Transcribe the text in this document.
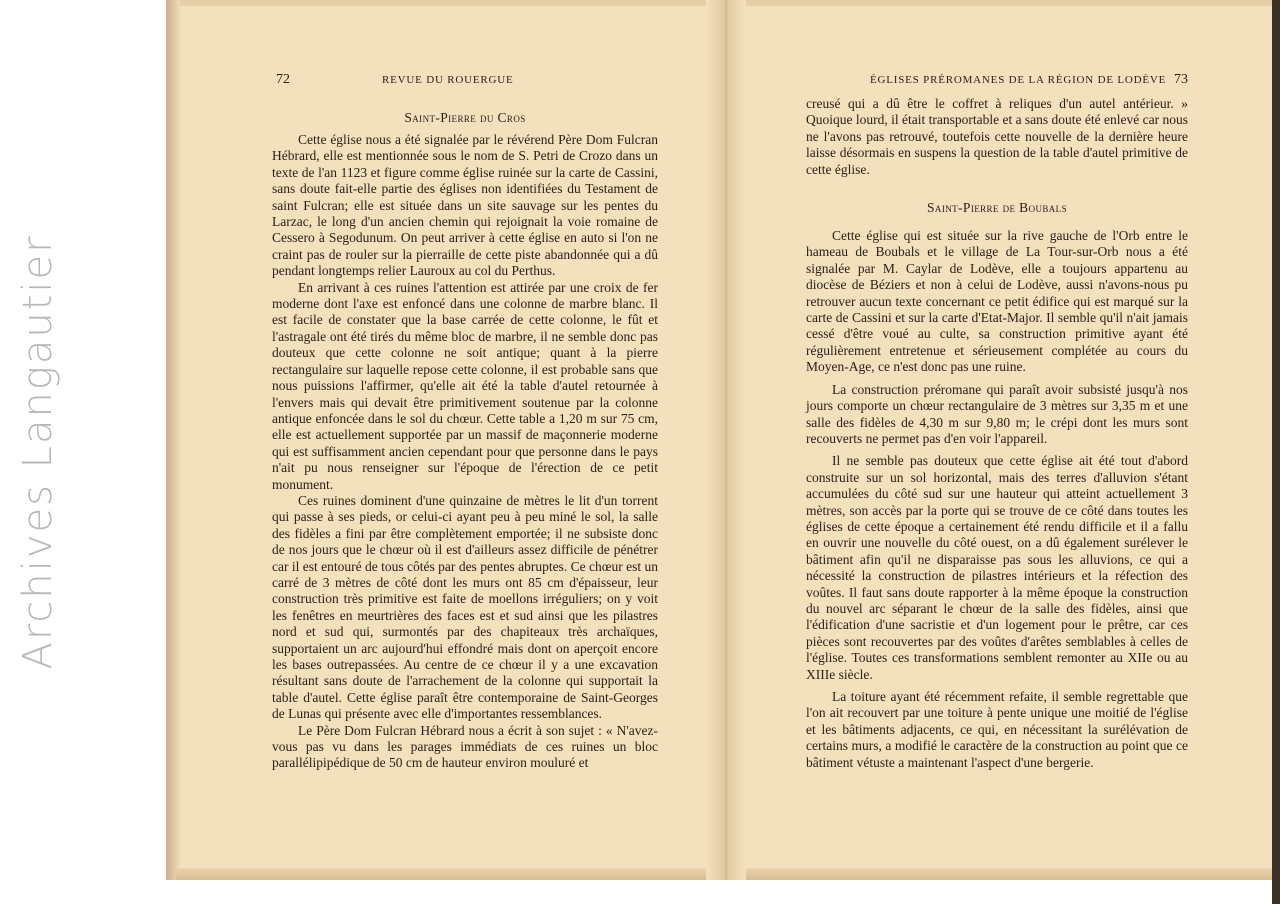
Archives Langautier
72	REVUE DU ROUERGUE
Saint-Pierre du Cros

Cette église nous a été signalée par le révérend Père Dom Fulcran Hébrard, elle est mentionnée sous le nom de S. Petri de Crozo dans un texte de l'an 1123 et figure comme église ruinée sur la carte de Cassini, sans doute fait-elle partie des églises non identifiées du Testament de saint Fulcran; elle est située dans un site sauvage sur les pentes du Larzac, le long d'un ancien chemin qui rejoignait la voie romaine de Cessero à Segodunum. On peut arriver à cette église en auto si l'on ne craint pas de rouler sur la pierraille de cette piste abandonnée qui a dû pendant longtemps relier Lauroux au col du Perthus.

En arrivant à ces ruines l'attention est attirée par une croix de fer moderne dont l'axe est enfoncé dans une colonne de marbre blanc. Il est facile de constater que la base carrée de cette colonne, le fût et l'astragale ont été tirés du même bloc de marbre, il ne semble donc pas douteux que cette colonne ne soit antique; quant à la pierre rectangulaire sur laquelle repose cette colonne, il est probable sans que nous puissions l'affirmer, qu'elle ait été la table d'autel retournée à l'envers mais qui devait être primitivement soutenue par la colonne antique enfoncée dans le sol du chœur. Cette table a 1,20 m sur 75 cm, elle est actuellement supportée par un massif de maçonnerie moderne qui est suffisamment ancien cependant pour que personne dans le pays n'ait pu nous renseigner sur l'époque de l'érection de ce petit monument.

Ces ruines dominent d'une quinzaine de mètres le lit d'un torrent qui passe à ses pieds, or celui-ci ayant peu à peu miné le sol, la salle des fidèles a fini par être complètement emportée; il ne subsiste donc de nos jours que le chœur où il est d'ailleurs assez difficile de pénétrer car il est entouré de tous côtés par des pentes abruptes. Ce chœur est un carré de 3 mètres de côté dont les murs ont 85 cm d'épaisseur, leur construction très primitive est faite de moellons irréguliers; on y voit les fenêtres en meurtrières des faces est et sud ainsi que les pilastres nord et sud qui, surmontés par des chapiteaux très archaïques, supportaient un arc aujourd'hui effondré mais dont on aperçoit encore les bases outrepassées. Au centre de ce chœur il y a une excavation résultant sans doute de l'arrachement de la colonne qui supportait la table d'autel. Cette église paraît être contemporaine de Saint-Georges de Lunas qui présente avec elle d'importantes ressemblances.

Le Père Dom Fulcran Hébrard nous a écrit à son sujet : « N'avez-vous pas vu dans les parages immédiats de ces ruines un bloc parallélipipédique de 50 cm de hauteur environ mouluré et

ÉGLISES PRÉROMANES DE LA RÉGION DE LODÈVE 73

creusé qui a dû être le coffret à reliques d'un autel antérieur. » Quoique lourd, il était transportable et a sans doute été enlevé car nous ne l'avons pas retrouvé, toutefois cette nouvelle de la dernière heure laisse désormais en suspens la question de la table d'autel primitive de cette église.

Saint-Pierre de Boubals

Cette église qui est située sur la rive gauche de l'Orb entre le hameau de Boubals et le village de La Tour-sur-Orb nous a été signalée par M. Caylar de Lodève, elle a toujours appartenu au diocèse de Béziers et non à celui de Lodève, aussi n'avons-nous pu retrouver aucun texte concernant ce petit édifice qui est marqué sur la carte de Cassini et sur la carte d'Etat-Major. Il semble qu'il n'ait jamais cessé d'être voué au culte, sa construction primitive ayant été régulièrement entretenue et sérieusement complétée au cours du Moyen-Age, ce n'est donc pas une ruine.

La construction préromane qui paraît avoir subsisté jusqu'à nos jours comporte un chœur rectangulaire de 3 mètres sur 3,35 m et une salle des fidèles de 4,30 m sur 9,80 m; le crépi dont les murs sont recouverts ne permet pas d'en voir l'appareil.

Il ne semble pas douteux que cette église ait été tout d'abord construite sur un sol horizontal, mais des terres d'alluvion s'étant accumulées du côté sud sur une hauteur qui atteint actuellement 3 mètres, son accès par la porte qui se trouve de ce côté dans toutes les églises de cette époque a certainement été rendu difficile et il a fallu en ouvrir une nouvelle du côté ouest, on a dû également surélever le bâtiment afin qu'il ne disparaisse pas sous les alluvions, ce qui a nécessité la construction de pilastres intérieurs et la réfection des voûtes. Il faut sans doute rapporter à la même époque la construction du nouvel arc séparant le chœur de la salle des fidèles, ainsi que l'édification d'une sacristie et d'un logement pour le prêtre, car ces pièces sont recouvertes par des voûtes d'arêtes semblables à celles de l'église. Toutes ces transformations semblent remonter au XIIe ou au XIIIe siècle.

La toiture ayant été récemment refaite, il semble regrettable que l'on ait recouvert par une toiture à pente unique une moitié de l'église et les bâtiments adjacents, ce qui, en nécessitant la surélévation de certains murs, a modifié le caractère de la construction au point que ce bâtiment vétuste a maintenant l'aspect d'une bergerie.
